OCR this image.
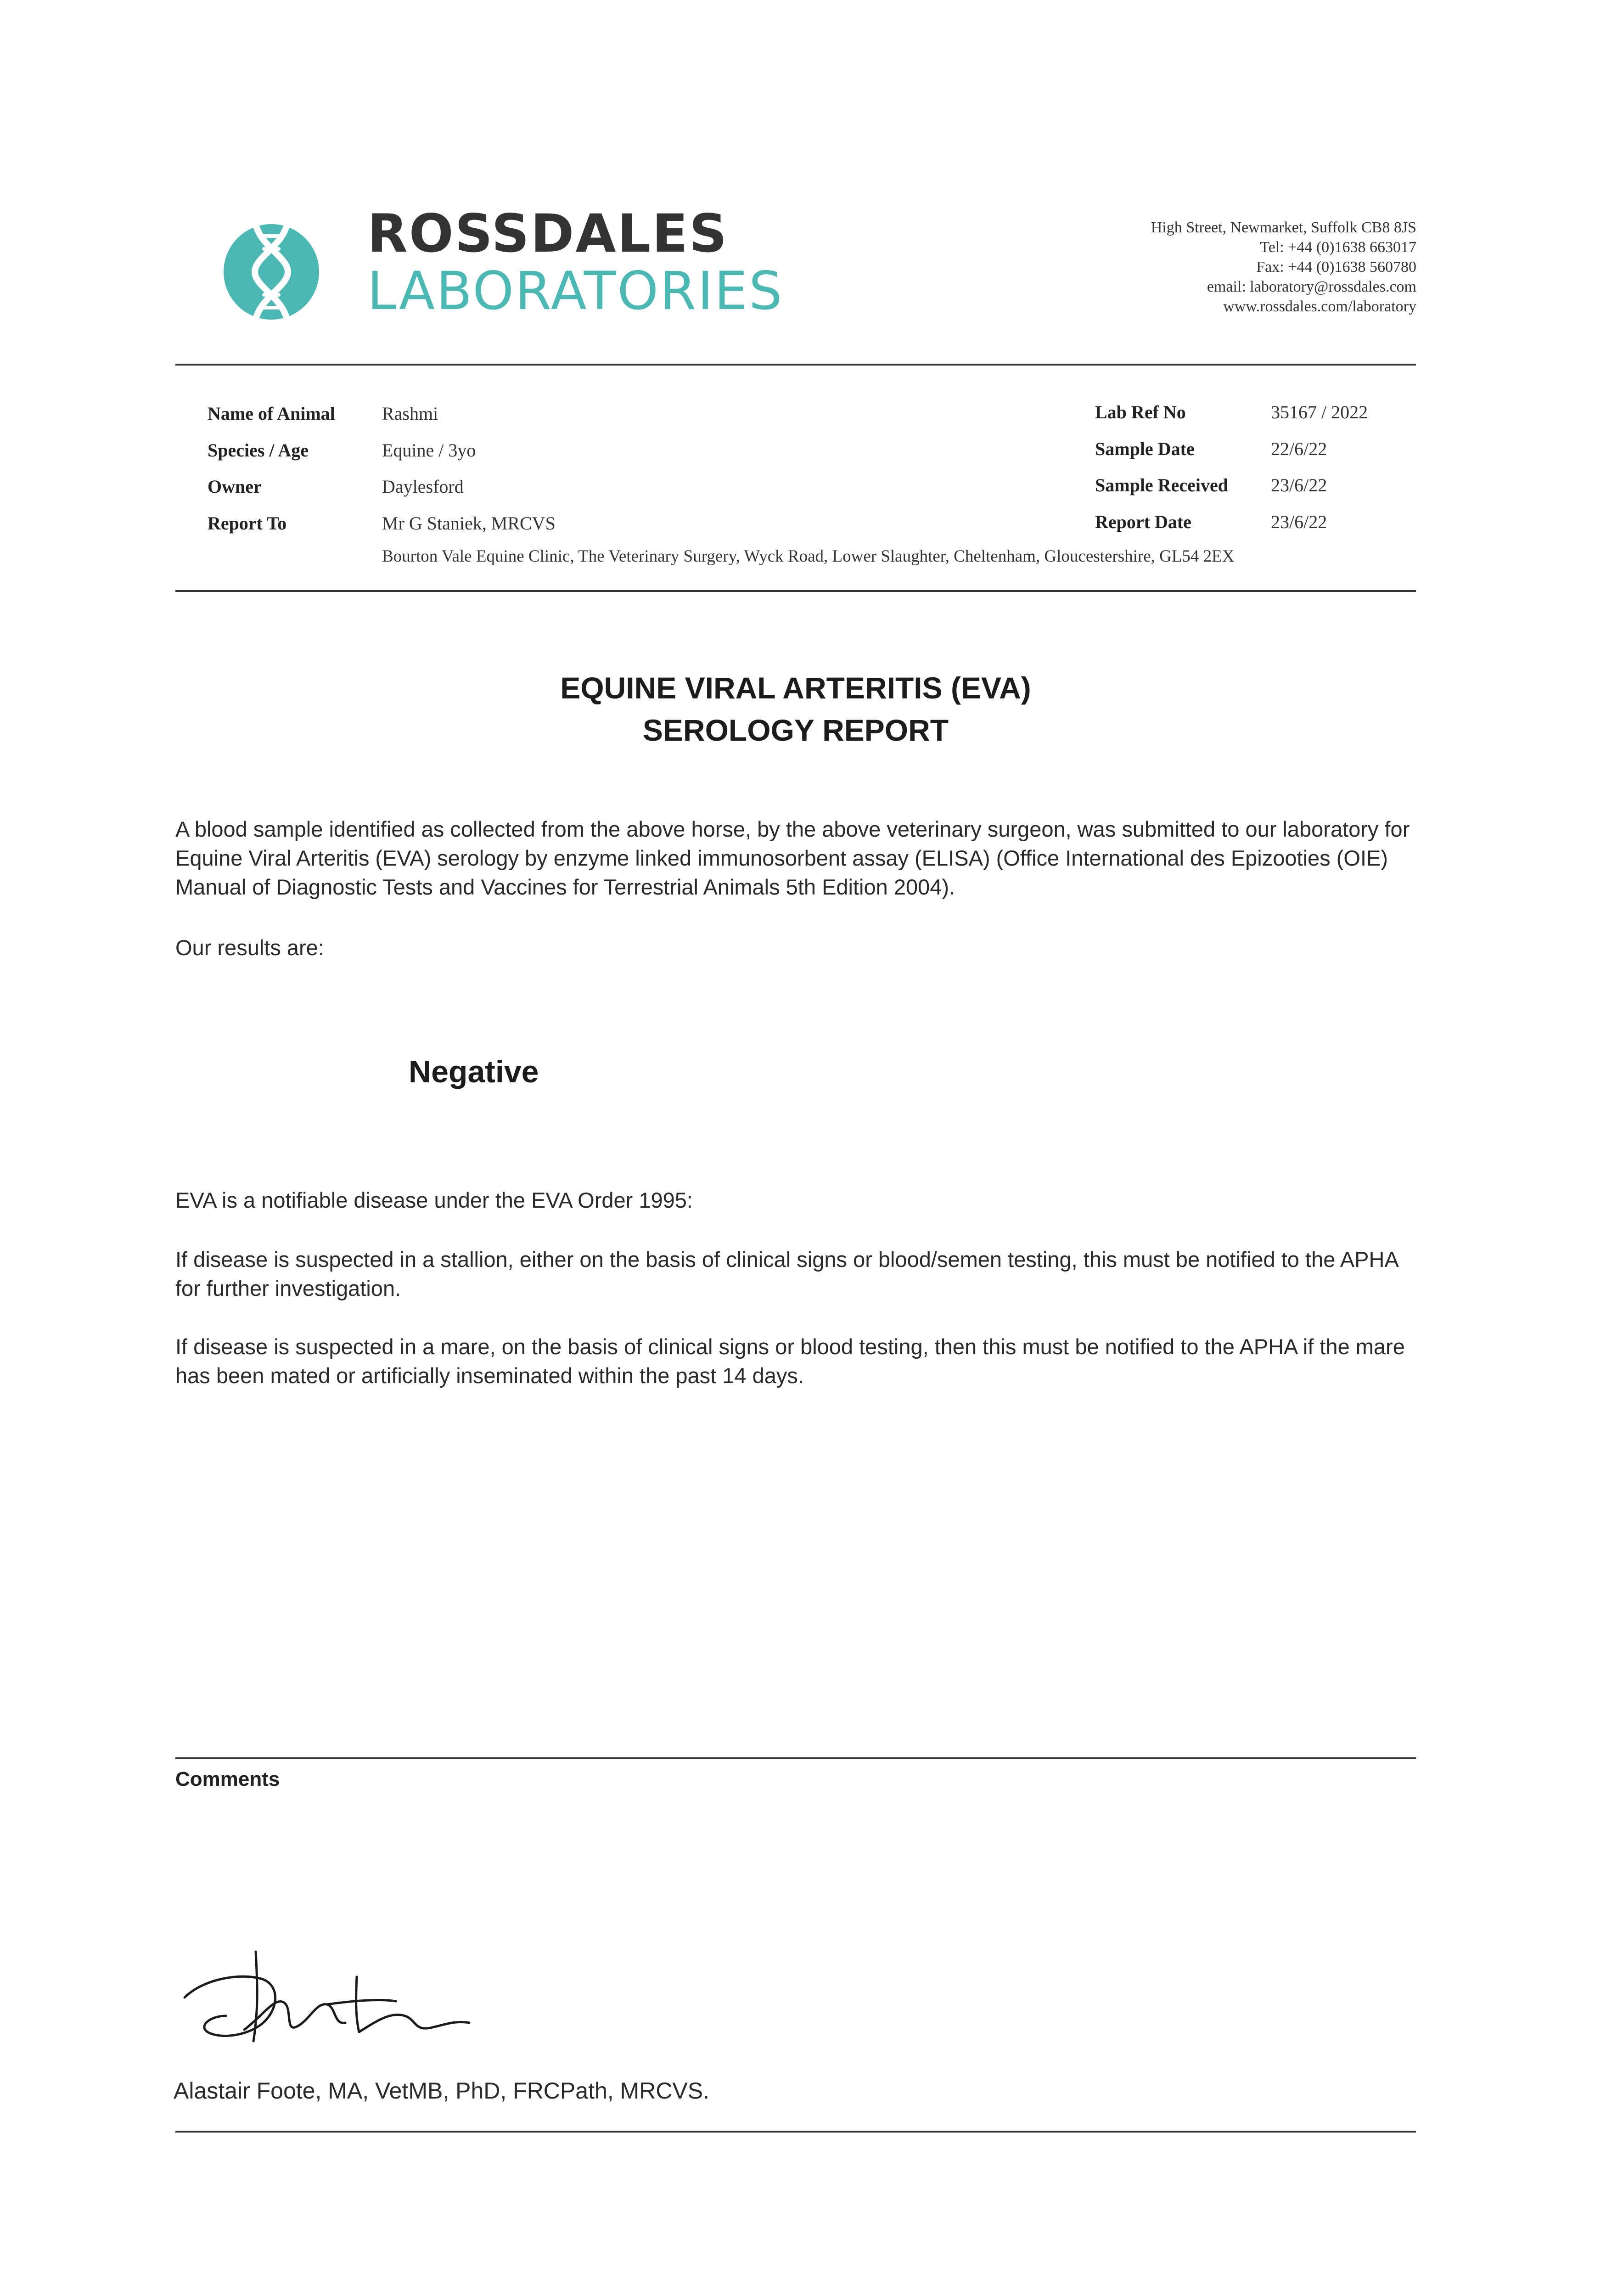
ROSSDALES
LABORATORIES
High Street, Newmarket, Suffolk CB8 8JS
Tel: +44 (0)1638 663017
Fax: +44 (0)1638 560780
email: laboratory@rossdales.com
www.rossdales.com/laboratory
Name of Animal	Rashmi
Species / Age	Equine / 3yo
Owner	Daylesford
Report To	Mr G Staniek, MRCVS
Bourton Vale Equine Clinic, The Veterinary Surgery, Wyck Road, Lower Slaughter, Cheltenham, Gloucestershire, GL54 2EX
Lab Ref No	35167 / 2022
Sample Date	22/6/22
Sample Received 23/6/22
Report Date	23/6/22
EQUINE VIRAL ARTERITIS (EVA)
SEROLOGY REPORT
A blood sample identified as collected from the above horse, by the above veterinary surgeon, was submitted to our laboratory for Equine Viral Arteritis (EVA) serology by enzyme linked immunosorbent assay (ELISA) (Office International des Epizooties (OIE) Manual of Diagnostic Tests and Vaccines for Terrestrial Animals 5th Edition 2004).
Our results are:
Negative
EVA is a notifiable disease under the EVA Order 1995:
If disease is suspected in a stallion, either on the basis of clinical signs or blood/semen testing, this must be notified to the APHA for further investigation.
If disease is suspected in a mare, on the basis of clinical signs or blood testing, then this must be notified to the APHA if the mare has been mated or artificially inseminated within the past 14 days.
Comments
Alastair Foote, MA, VetMB, PhD, FRCPath, MRCVS.
